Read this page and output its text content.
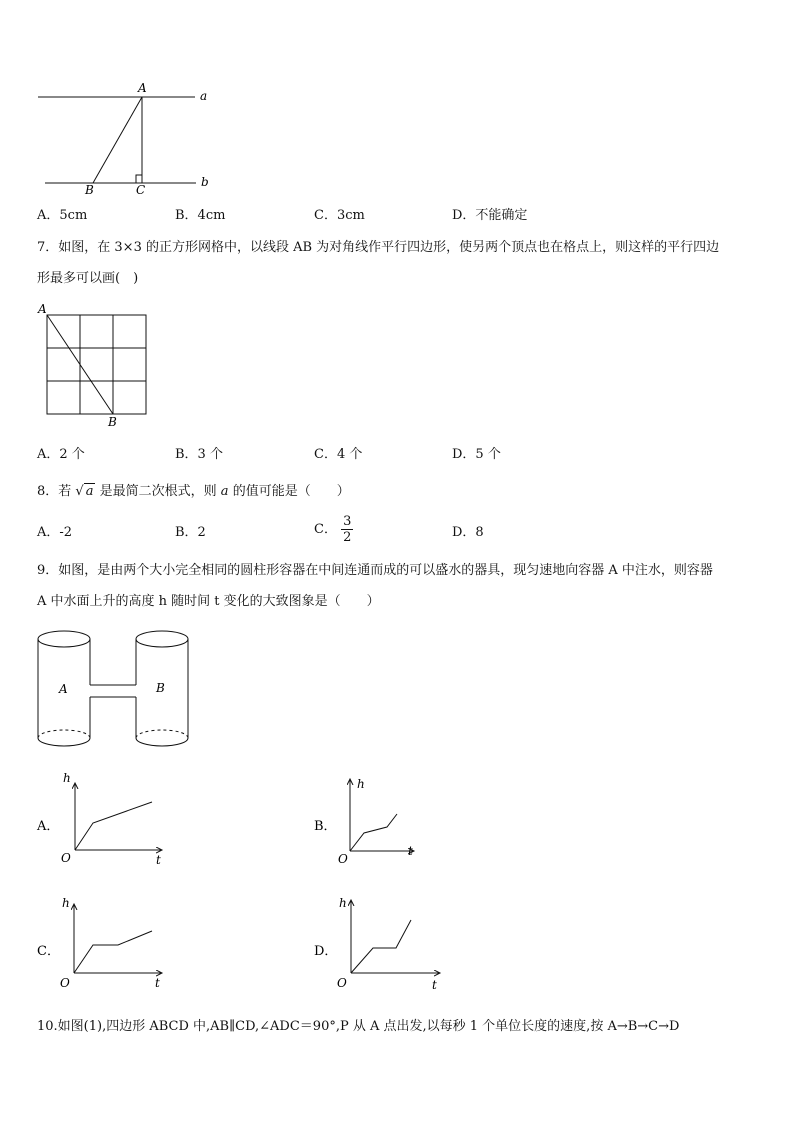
A
a
B	C
b
A．5cm	B．4cm	C．3cm	D．不能确定
7．如图，在 3×3 的正方形网格中，以线段 AB 为对角线作平行四边形，使另两个顶点也在格点上，则这样的平行四边
形最多可以画(　)
A
B
A．2 个	B．3 个	C．4 个	D．5 个
8．若 √ a 是最简二次根式，则 a 的值可能是（　　）
A．-2	B．2	C． $\frac{3}{2}$	D．8
9．如图，是由两个大小完全相同的圆柱形容器在中间连通而成的可以盛水的器具，现匀速地向容器 A 中注水，则容器
A 中水面上升的高度 h 随时间 t 变化的大致图象是（　　）
A	B
A．
h
O	t
B．
h
O
t
C．
h
O	t
D．
h
O	t
10.如图(1),四边形 ABCD 中,AB∥CD,∠ADC＝90°,P 从 A 点出发,以每秒 1 个单位长度的速度,按 A→B→C→D
